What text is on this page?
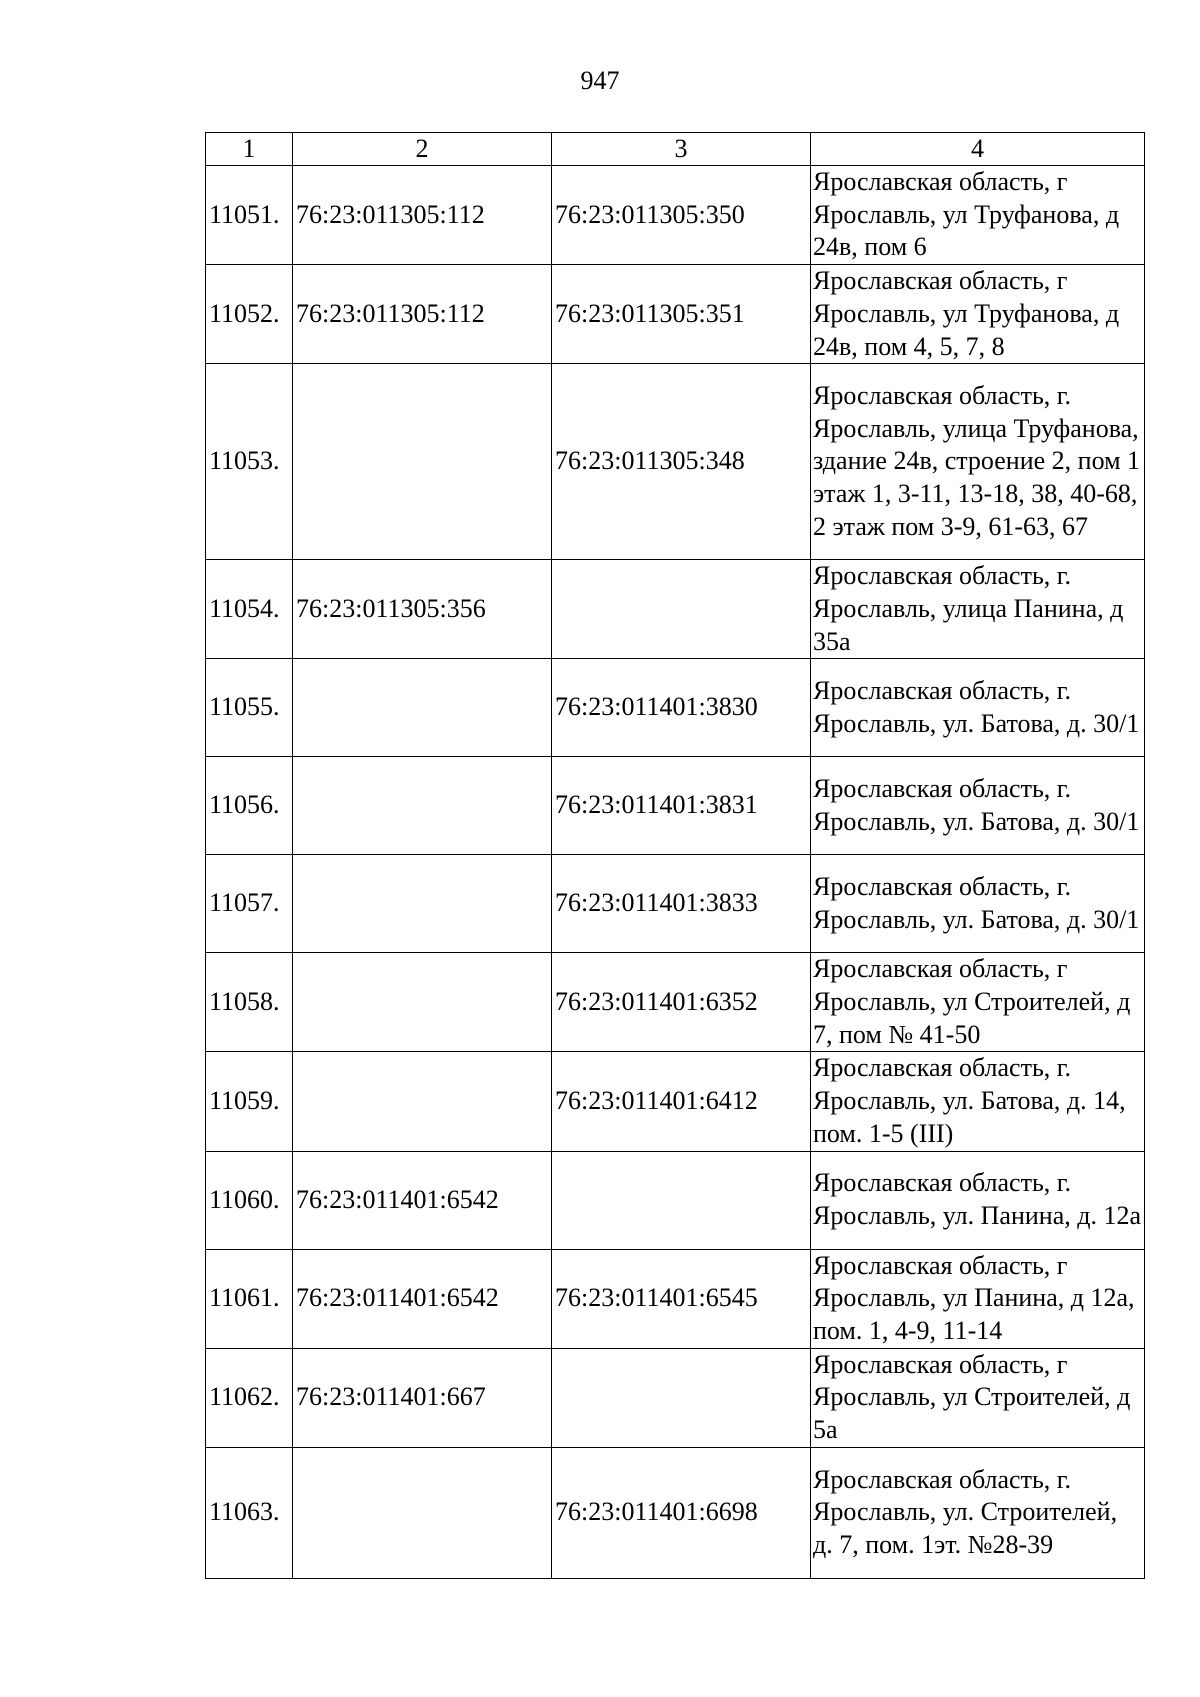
947
1	2	3	4
11051.	76:23:011305:112	76:23:011305:350	Ярославская область, г Ярославль, ул Труфанова, д 24в, пом 6
11052.	76:23:011305:112	76:23:011305:351	Ярославская область, г Ярославль, ул Труфанова, д 24в, пом 4, 5, 7, 8
11053.		76:23:011305:348	Ярославская область, г. Ярославль, улица Труфанова, здание 24в, строение 2, пом 1 этаж 1, 3-11, 13-18, 38, 40-68, 2 этаж пом 3-9, 61-63, 67
11054.	76:23:011305:356		Ярославская область, г. Ярославль, улица Панина, д 35а
11055.		76:23:011401:3830	Ярославская область, г. Ярославль, ул. Батова, д. 30/1
11056.		76:23:011401:3831	Ярославская область, г. Ярославль, ул. Батова, д. 30/1
11057.		76:23:011401:3833	Ярославская область, г. Ярославль, ул. Батова, д. 30/1
11058.		76:23:011401:6352	Ярославская область, г Ярославль, ул Строителей, д 7, пом № 41-50
11059.		76:23:011401:6412	Ярославская область, г. Ярославль, ул. Батова, д. 14, пом. 1-5 (III)
11060.	76:23:011401:6542		Ярославская область, г. Ярославль, ул. Панина, д. 12а
11061.	76:23:011401:6542	76:23:011401:6545	Ярославская область, г Ярославль, ул Панина, д 12а, пом. 1, 4-9, 11-14
11062.	76:23:011401:667		Ярославская область, г Ярославль, ул Строителей, д 5а
11063.		76:23:011401:6698	Ярославская область, г. Ярославль, ул. Строителей, д. 7, пом. 1эт. №28-39
